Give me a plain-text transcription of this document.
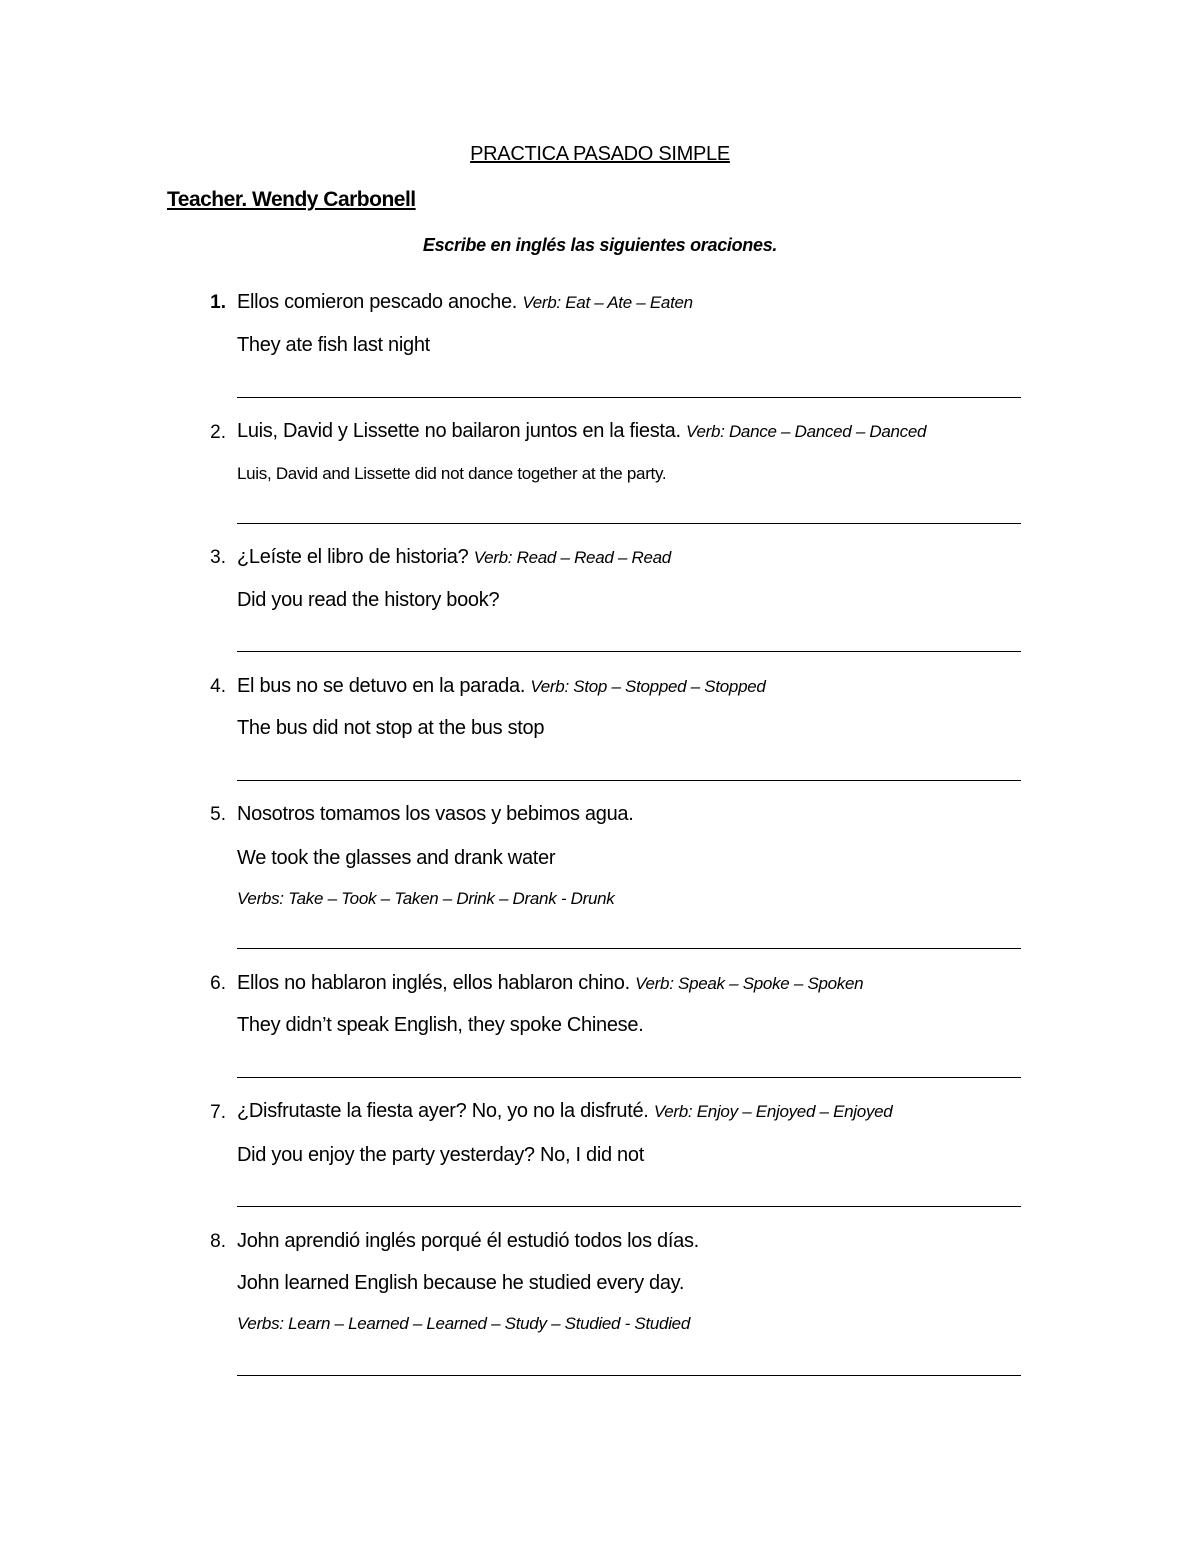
PRACTICA PASADO SIMPLE
Teacher. Wendy Carbonell
Escribe en inglés las siguientes oraciones.
1. Ellos comieron pescado anoche. Verb: Eat – Ate – Eaten
They ate fish last night
2. Luis, David y Lissette no bailaron juntos en la fiesta. Verb: Dance – Danced – Danced
Luis, David and Lissette did not dance together at the party.
3. ¿Leíste el libro de historia? Verb: Read – Read – Read
Did you read the history book?
4. El bus no se detuvo en la parada. Verb: Stop – Stopped – Stopped
The bus did not stop at the bus stop
5. Nosotros tomamos los vasos y bebimos agua.
We took the glasses and drank water
Verbs: Take – Took – Taken – Drink – Drank - Drunk
6. Ellos no hablaron inglés, ellos hablaron chino. Verb: Speak – Spoke – Spoken
They didn’t speak English, they spoke Chinese.
7. ¿Disfrutaste la fiesta ayer? No, yo no la disfruté. Verb: Enjoy – Enjoyed – Enjoyed
Did you enjoy the party yesterday? No, I did not
8. John aprendió inglés porqué él estudió todos los días.
John learned English because he studied every day.
Verbs: Learn – Learned – Learned – Study – Studied - Studied
